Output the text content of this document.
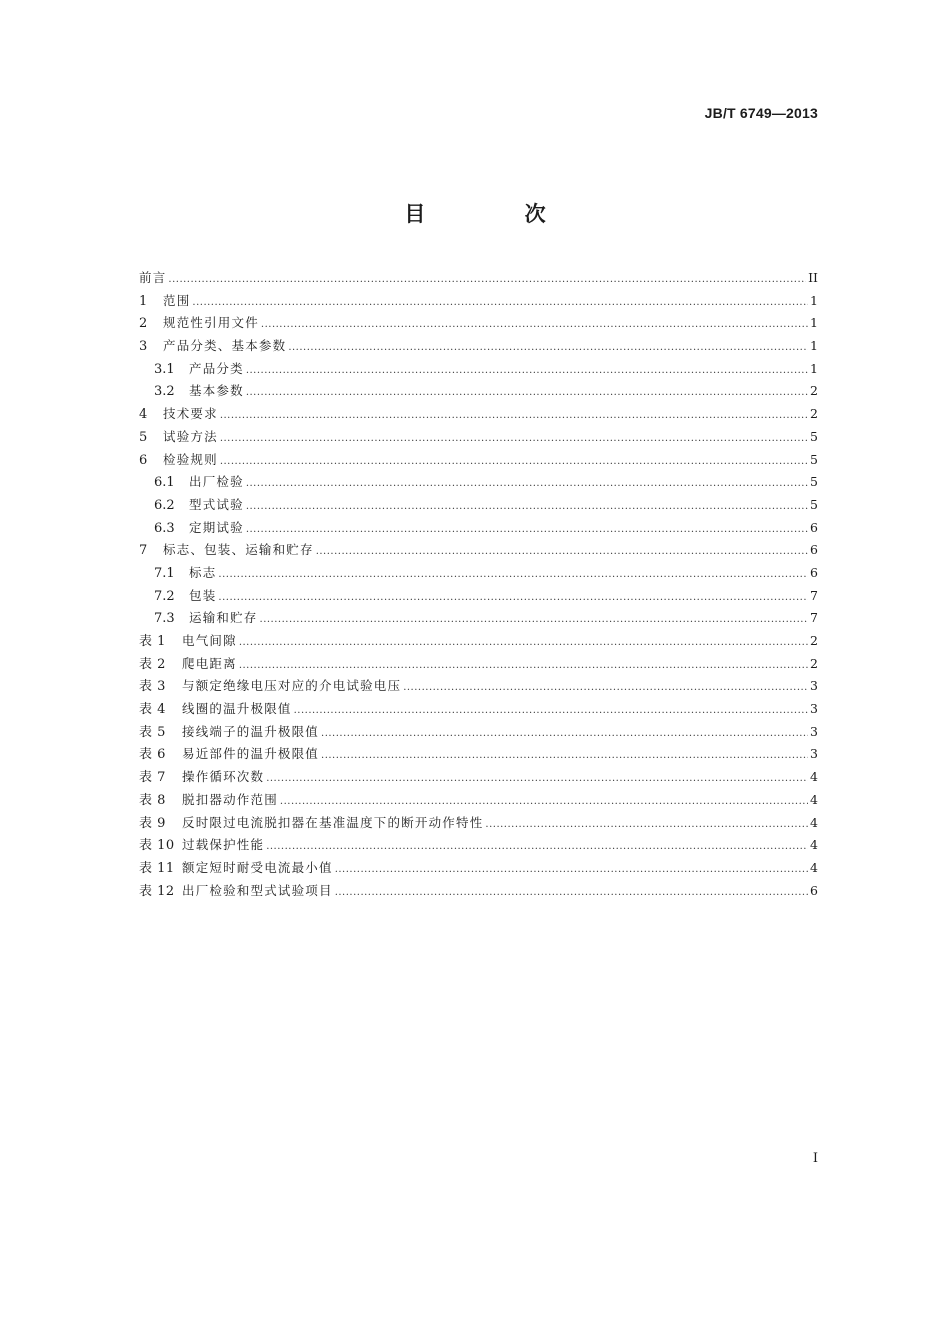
JB/T 6749—2013
目 次
前言 .....	II
1	范围 .....	1
2	规范性引用文件 .....	1
3	产品分类、基本参数 .....	1
3.1	产品分类 .....	1
3.2	基本参数 .....	2
4	技术要求 .....	2
5	试验方法 .....	5
6	检验规则 .....	5
6.1	出厂检验 .....	5
6.2	型式试验 .....	5
6.3	定期试验 .....	6
7	标志、包装、运输和贮存 .....	6
7.1	标志 .....	6
7.2	包装 .....	7
7.3	运输和贮存 .....	7
表 1	电气间隙 .....	2
表 2	爬电距离 .....	2
表 3	与额定绝缘电压对应的介电试验电压 .....	3
表 4	线圈的温升极限值 .....	3
表 5	接线端子的温升极限值 .....	3
表 6	易近部件的温升极限值 .....	3
表 7	操作循环次数 .....	4
表 8	脱扣器动作范围 .....	4
表 9	反时限过电流脱扣器在基准温度下的断开动作特性 .....	4
表 10 过载保护性能 .....	4
表 11 额定短时耐受电流最小值 .....	4
表 12 出厂检验和型式试验项目 .....	6
I
